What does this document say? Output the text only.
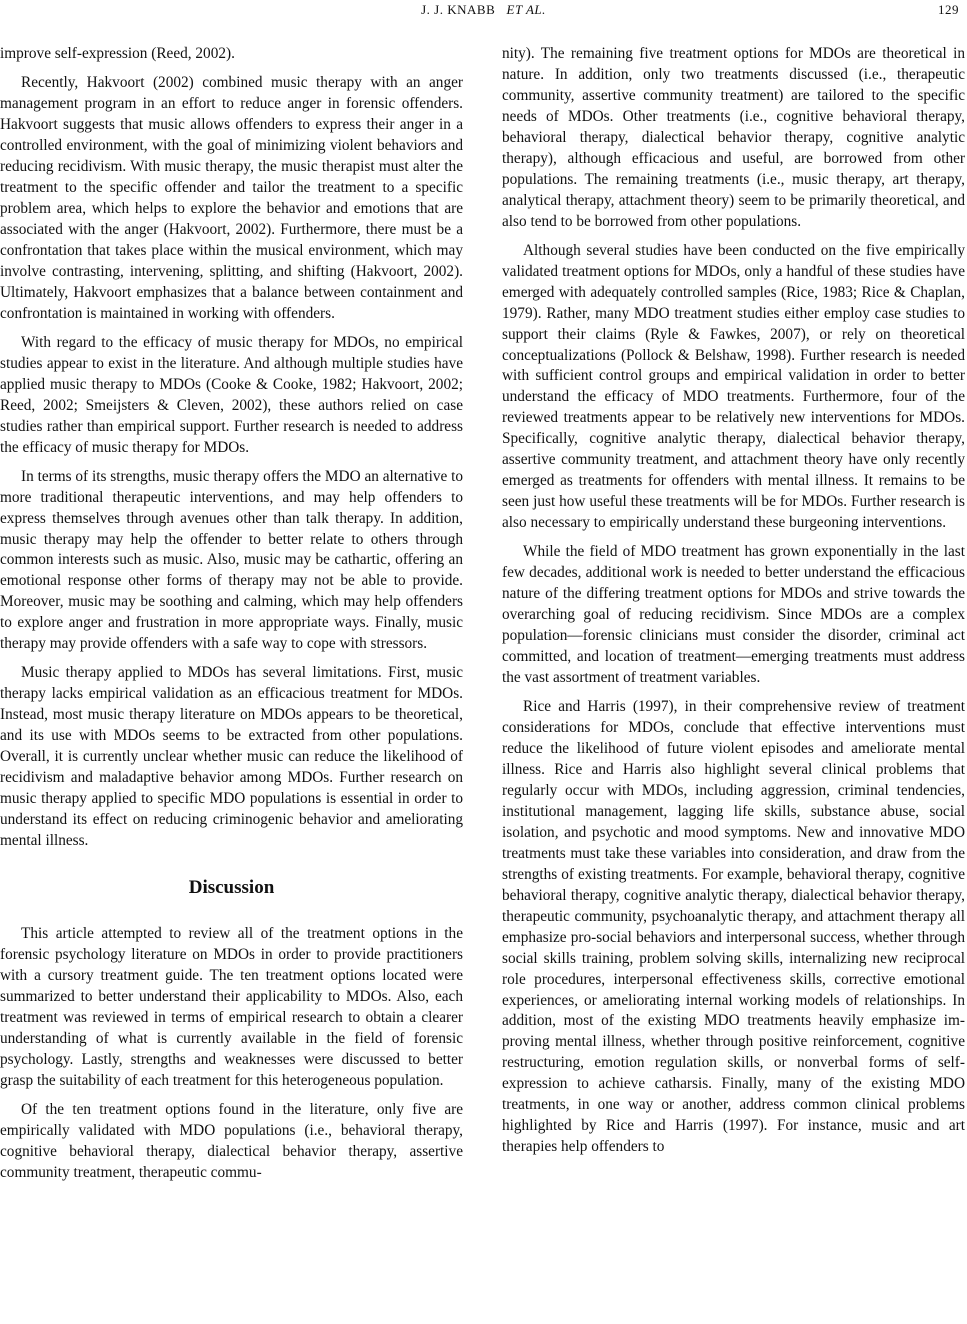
J. J. KNABB ET AL.	129

improve self-expression (Reed, 2002).

Recently, Hakvoort (2002) combined music therapy with an anger management program in an effort to reduce anger in forensic offenders. Hakvoort suggests that music allows offenders to express their anger in a controlled environment, with the goal of minimizing violent behaviors and reducing recidivism. With music therapy, the music therapist must alter the treatment to the specific offender and tailor the treatment to a specific problem area, which helps to explore the behavior and emotions that are associated with the anger (Hakvoort, 2002). Furthermore, there must be a confrontation that takes place within the musical environment, which may involve contrasting, intervening, splitting, and shifting (Hakvoort, 2002). Ultimately, Hakvoort emphasizes that a balance between containment and confrontation is maintained in working with offenders.

With regard to the efficacy of music therapy for MDOs, no empirical studies appear to exist in the literature. And although multiple studies have applied music therapy to MDOs (Cooke & Cooke, 1982; Hakvoort, 2002; Reed, 2002; Smeijsters & Cleven, 2002), these authors relied on case studies rather than empirical support. Further research is needed to address the efficacy of music therapy for MDOs.

In terms of its strengths, music therapy offers the MDO an alternative to more traditional therapeutic interventions, and may help offenders to express themselves through avenues other than talk therapy. In addition, music therapy may help the offender to better relate to others through common interests such as music. Also, music may be cathartic, offering an emotional response other forms of therapy may not be able to provide. Moreover, music may be soothing and calming, which may help offenders to explore anger and frustration in more appropriate ways. Finally, music therapy may provide offenders with a safe way to cope with stressors.

Music therapy applied to MDOs has several limitations. First, music therapy lacks empirical validation as an efficacious treatment for MDOs. Instead, most music therapy literature on MDOs appears to be theoretical, and its use with MDOs seems to be extracted from other populations. Overall, it is currently unclear whether music can reduce the likelihood of recidivism and maladaptive behavior among MDOs. Further research on music therapy applied to specific MDO populations is essential in order to understand its effect on reducing criminogenic behavior and ameliorating mental illness.

Discussion

This article attempted to review all of the treatment options in the forensic psychology literature on MDOs in order to provide practitioners with a cursory treatment guide. The ten treatment options located were summarized to better understand their applicability to MDOs. Also, each treatment was reviewed in terms of empirical research to obtain a clearer understanding of what is currently available in the field of forensic psychology. Lastly, strengths and weaknesses were discussed to better grasp the suitability of each treatment for this heterogeneous population.

Of the ten treatment options found in the literature, only five are empirically validated with MDO populations (i.e., behavioral therapy, cognitive behavioral therapy, dialectical behavior therapy, assertive community treatment, therapeutic commu-

nity). The remaining five treatment options for MDOs are theoretical in nature. In addition, only two treatments discussed (i.e., therapeutic community, assertive community treatment) are tailored to the specific needs of MDOs. Other treatments (i.e., cognitive behavioral therapy, behavioral therapy, dialectical behavior therapy, cognitive analytic therapy), although efficacious and useful, are borrowed from other populations. The remaining treatments (i.e., music therapy, art therapy, analytical therapy, attachment theory) seem to be primarily theoretical, and also tend to be borrowed from other populations.

Although several studies have been conducted on the five empirically validated treatment options for MDOs, only a handful of these studies have emerged with adequately controlled samples (Rice, 1983; Rice & Chaplan, 1979). Rather, many MDO treatment studies either employ case studies to support their claims (Ryle & Fawkes, 2007), or rely on theoretical conceptualizations (Pollock & Belshaw, 1998). Further research is needed with sufficient control groups and empirical validation in order to better understand the efficacy of MDO treatments. Furthermore, four of the reviewed treatments appear to be relatively new interventions for MDOs. Specifically, cognitive analytic therapy, dialectical behavior therapy, assertive community treatment, and attachment theory have only recently emerged as treatments for offenders with mental illness. It remains to be seen just how useful these treatments will be for MDOs. Further research is also necessary to empirically understand these burgeoning interventions.

While the field of MDO treatment has grown exponentially in the last few decades, additional work is needed to better understand the efficacious nature of the differing treatment options for MDOs and strive towards the overarching goal of reducing recidivism. Since MDOs are a complex population—forensic clinicians must consider the disorder, criminal act committed, and location of treatment—emerging treatments must address the vast assortment of treatment variables.

Rice and Harris (1997), in their comprehensive review of treatment considerations for MDOs, conclude that effective interventions must reduce the likelihood of future violent episodes and ameliorate mental illness. Rice and Harris also highlight several clinical problems that regularly occur with MDOs, including aggression, criminal tendencies, institutional management, lagging life skills, substance abuse, social isolation, and psychotic and mood symptoms. New and innovative MDO treatments must take these variables into consideration, and draw from the strengths of existing treatments. For example, behavioral therapy, cognitive behavioral therapy, cognitive analytic therapy, dialectical behavior therapy, therapeutic community, psychoanalytic therapy, and attachment therapy all emphasize pro-social behaviors and interpersonal success, whether through social skills training, problem solving skills, internalizing new reciprocal role procedures, interpersonal effectiveness skills, corrective emotional experiences, or ameliorating internal working models of relationships. In addition, most of the existing MDO treatments heavily emphasize improving mental illness, whether through positive reinforcement, cognitive restructuring, emotion regulation skills, or nonverbal forms of self-expression to achieve catharsis. Finally, many of the existing MDO treatments, in one way or another, address common clinical problems highlighted by Rice and Harris (1997). For instance, music and art therapies help offenders to
